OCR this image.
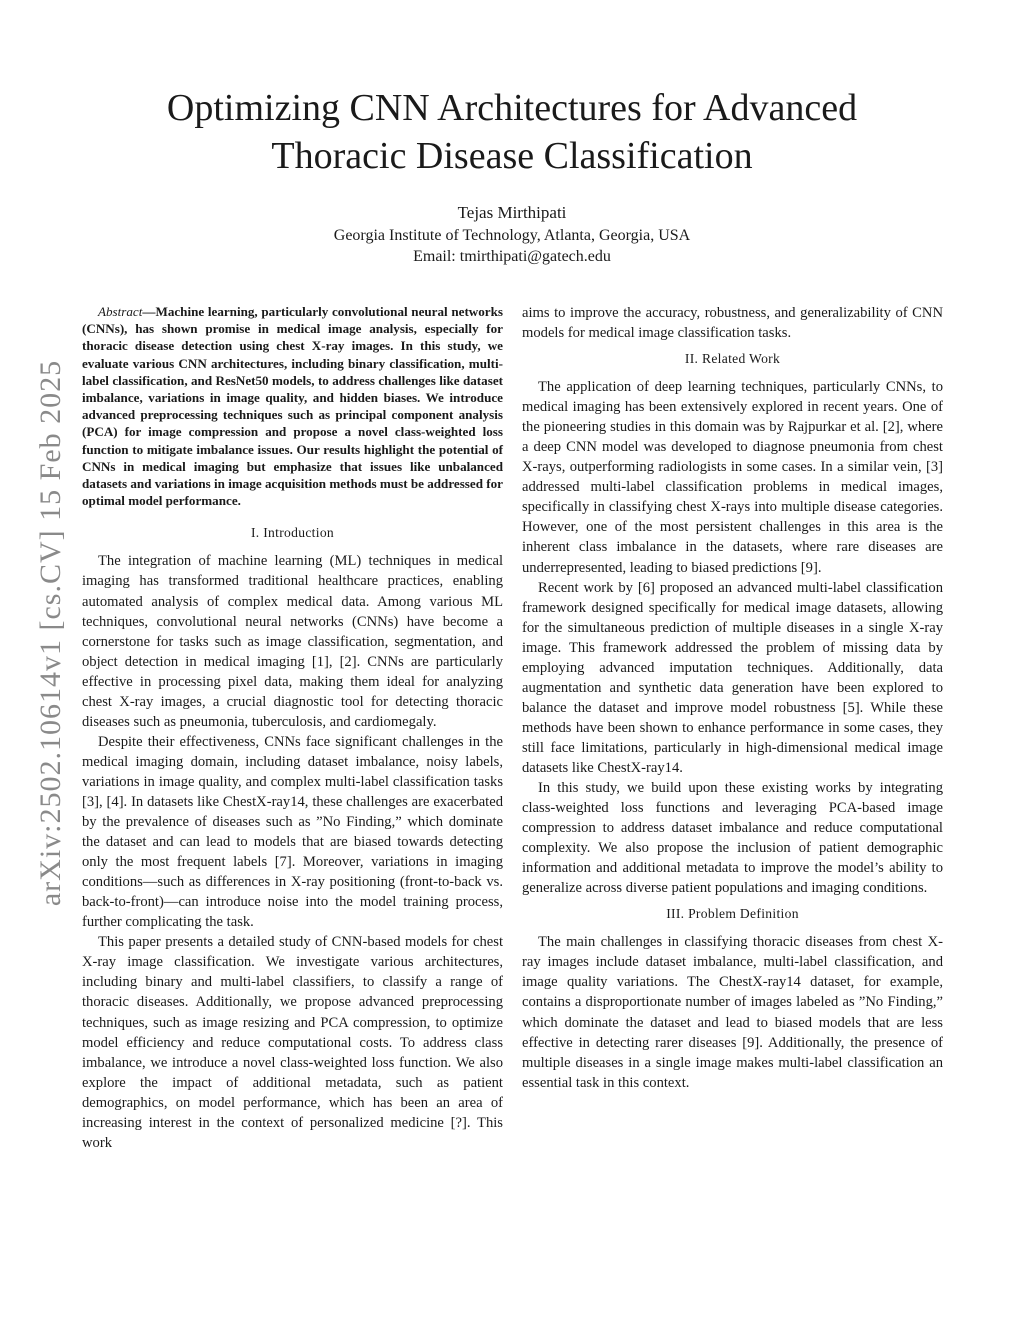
Optimizing CNN Architectures for Advanced
Thoracic Disease Classification
Tejas Mirthipati
Georgia Institute of Technology, Atlanta, Georgia, USA
Email: tmirthipati@gatech.edu
arXiv:2502.10614v1 [cs.CV] 15 Feb 2025

Abstract—Machine learning, particularly convolutional neural networks (CNNs), has shown promise in medical image analysis, especially for thoracic disease detection using chest X-ray images. In this study, we evaluate various CNN architectures, including binary classification, multi-label classification, and ResNet50 models, to address challenges like dataset imbalance, variations in image quality, and hidden biases. We introduce advanced preprocessing techniques such as principal component analysis (PCA) for image compression and propose a novel class-weighted loss function to mitigate imbalance issues. Our results highlight the potential of CNNs in medical imaging but emphasize that issues like unbalanced datasets and variations in image acquisition methods must be addressed for optimal model performance.

I. Introduction

The integration of machine learning (ML) techniques in medical imaging has transformed traditional healthcare practices, enabling automated analysis of complex medical data. Among various ML techniques, convolutional neural networks (CNNs) have become a cornerstone for tasks such as image classification, segmentation, and object detection in medical imaging [1], [2]. CNNs are particularly effective in processing pixel data, making them ideal for analyzing chest X-ray images, a crucial diagnostic tool for detecting thoracic diseases such as pneumonia, tuberculosis, and cardiomegaly.

Despite their effectiveness, CNNs face significant challenges in the medical imaging domain, including dataset imbalance, noisy labels, variations in image quality, and complex multi-label classification tasks [3], [4]. In datasets like ChestX-ray14, these challenges are exacerbated by the prevalence of diseases such as ”No Finding,” which dominate the dataset and can lead to models that are biased towards detecting only the most frequent labels [7]. Moreover, variations in imaging conditions—such as differences in X-ray positioning (front-to-back vs. back-to-front)—can introduce noise into the model training process, further complicating the task.

This paper presents a detailed study of CNN-based models for chest X-ray image classification. We investigate various architectures, including binary and multi-label classifiers, to classify a range of thoracic diseases. Additionally, we propose advanced preprocessing techniques, such as image resizing and PCA compression, to optimize model efficiency and reduce computational costs. To address class imbalance, we introduce a novel class-weighted loss function. We also explore the impact of additional metadata, such as patient demographics, on model performance, which has been an area of increasing interest in the context of personalized medicine [?]. This work

aims to improve the accuracy, robustness, and generalizability of CNN models for medical image classification tasks.

II. Related Work

The application of deep learning techniques, particularly CNNs, to medical imaging has been extensively explored in recent years. One of the pioneering studies in this domain was by Rajpurkar et al. [2], where a deep CNN model was developed to diagnose pneumonia from chest X-rays, outperforming radiologists in some cases. In a similar vein, [3] addressed multi-label classification problems in medical images, specifically in classifying chest X-rays into multiple disease categories. However, one of the most persistent challenges in this area is the inherent class imbalance in the datasets, where rare diseases are underrepresented, leading to biased predictions [9].

Recent work by [6] proposed an advanced multi-label classification framework designed specifically for medical image datasets, allowing for the simultaneous prediction of multiple diseases in a single X-ray image. This framework addressed the problem of missing data by employing advanced imputation techniques. Additionally, data augmentation and synthetic data generation have been explored to balance the dataset and improve model robustness [5]. While these methods have been shown to enhance performance in some cases, they still face limitations, particularly in high-dimensional medical image datasets like ChestX-ray14.

In this study, we build upon these existing works by integrating class-weighted loss functions and leveraging PCA-based image compression to address dataset imbalance and reduce computational complexity. We also propose the inclusion of patient demographic information and additional metadata to improve the model’s ability to generalize across diverse patient populations and imaging conditions.

III. Problem Definition

The main challenges in classifying thoracic diseases from chest X-ray images include dataset imbalance, multi-label classification, and image quality variations. The ChestX-ray14 dataset, for example, contains a disproportionate number of images labeled as ”No Finding,” which dominate the dataset and lead to biased models that are less effective in detecting rarer diseases [9]. Additionally, the presence of multiple diseases in a single image makes multi-label classification an essential task in this context.
